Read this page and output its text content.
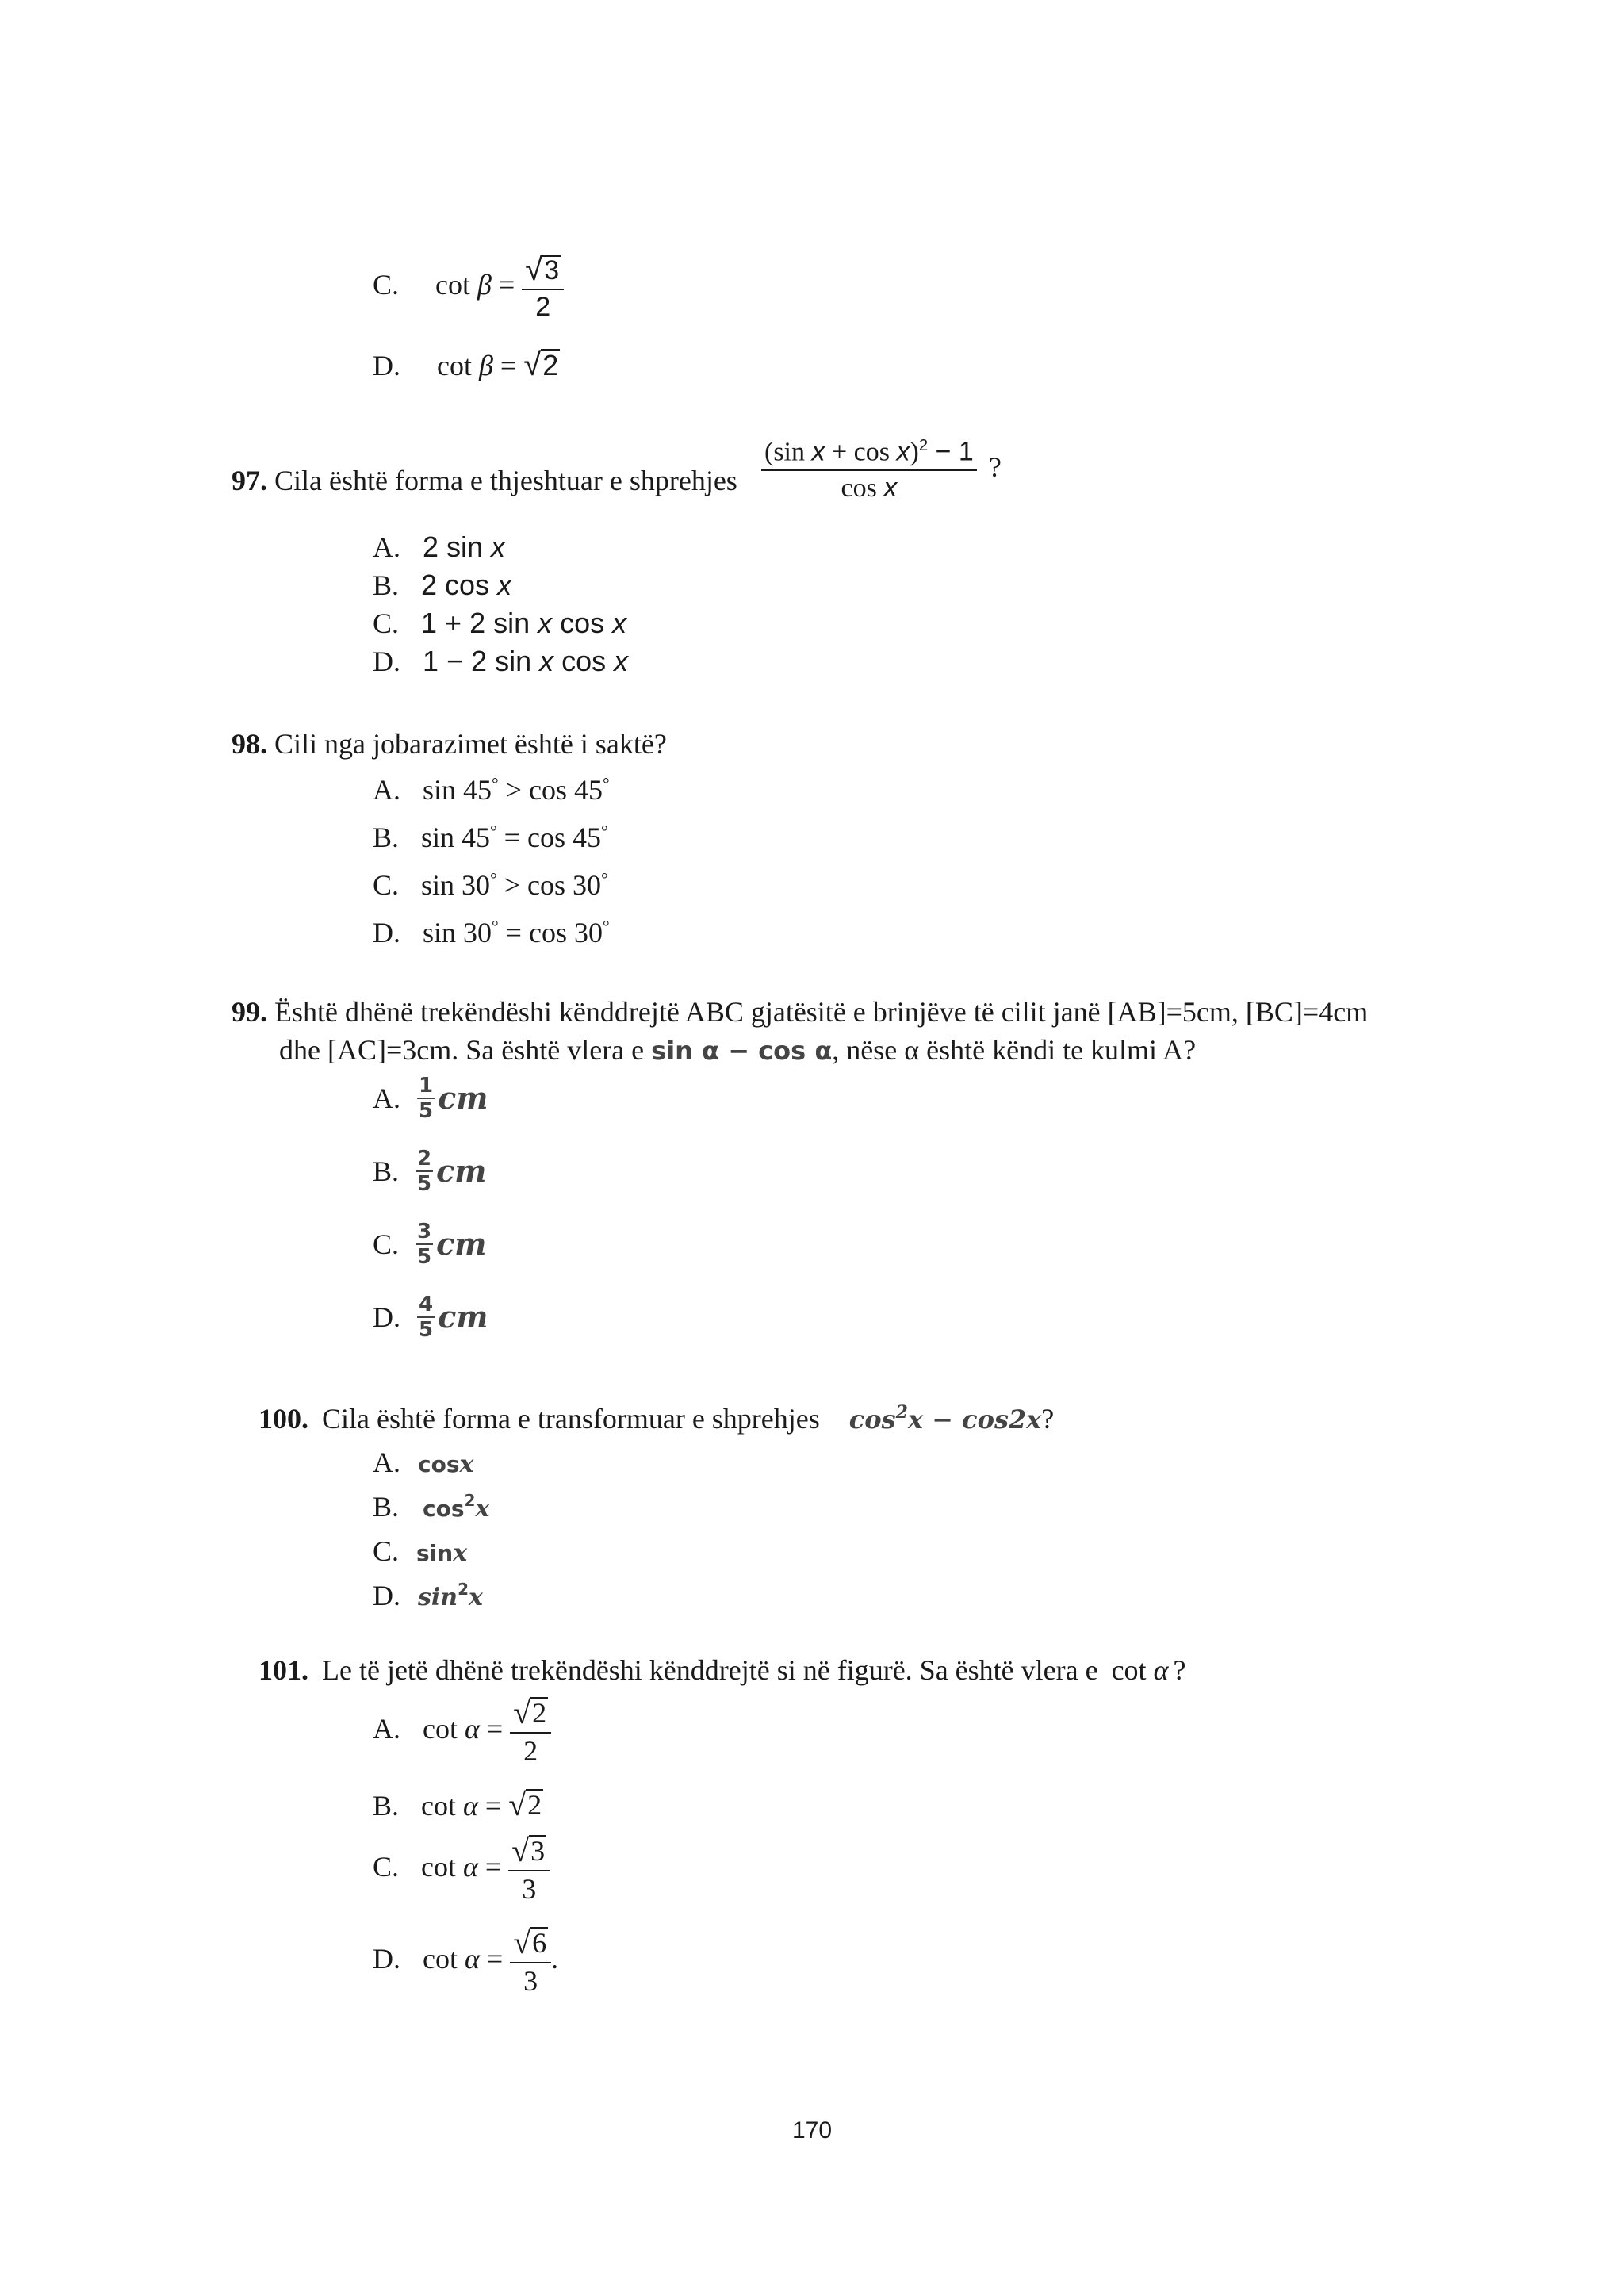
C. $\cot \beta = \frac{√ 3}{2}$
D. cot β = √ 2
97. Cila është forma e thjeshtuar e shprehjes $\frac{(\sin x + \cos x)^2 - 1}{\text{cos x}}$ ?
A. 2 sin x
B. 2 cos x
C. 1 + 2 sin x cos x
D. 1 − 2 sin x cos x
98. Cili nga jobarazimet është i saktë?
A. sin 45° > cos 45°
B. sin 45° = cos 45°
C. sin 30° > cos 30°
D. sin 30° = cos 30°
99. Është dhënë trekëndëshi kënddrejtë ABC gjatësitë e brinjëve të cilit janë [AB]=5cm, [BC]=4cm
dhe [AC]=3cm. Sa është vlera e sin α − cos α, nëse α është këndi te kulmi A?
A. $\frac{1}{5}$ cm
B. $\frac{2}{5}$ cm
C. $\frac{3}{5}$ cm
D. $\frac{4}{5}$ cm
100. Cila është forma e transformuar e shprehjes $\cos^2x - \cos 2x$?
A. cosx
B. $\cos^2x$
C. sinx
D. $\sin^2x$
101. Le të jetë dhënë trekëndëshi kënddrejtë si në figurë. Sa është vlera e cot α ?
A. $\cot \alpha = \frac{√ 2}{2}$
B. cot α = √ 2
C. $\cot \alpha = \frac{√ 3}{3}$
D. $\cot \alpha = \frac{√ 6}{3}$ .
170
